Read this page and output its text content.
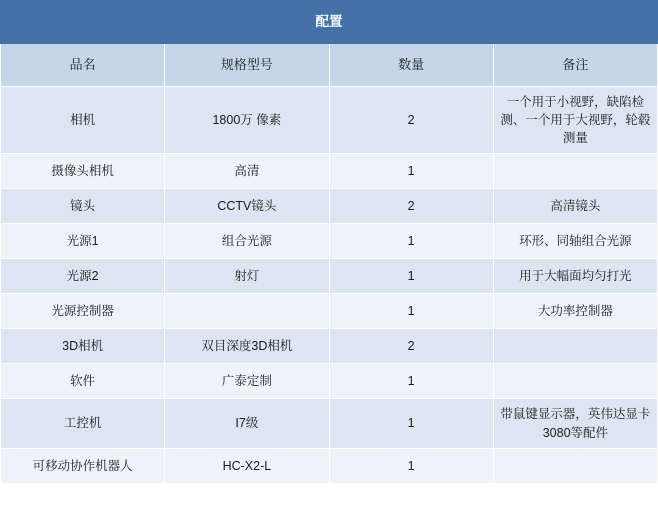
配置			
品名	规格型号	数量	备注
相机	1800万 像素	2	一个用于小视野，缺陷检测、一个用于大视野，轮毂测量
摄像头相机	高清	1	
镜头	CCTV镜头	2	高清镜头
光源1	组合光源	1	环形、同轴组合光源
光源2	射灯	1	用于大幅面均匀打光
光源控制器		1	大功率控制器
3D相机	双目深度3D相机	2	
软件	广泰定制	1	
工控机	I7级	1	带鼠键显示器，英伟达显卡3080等配件
可移动协作机器人	HC-X2-L	1	
